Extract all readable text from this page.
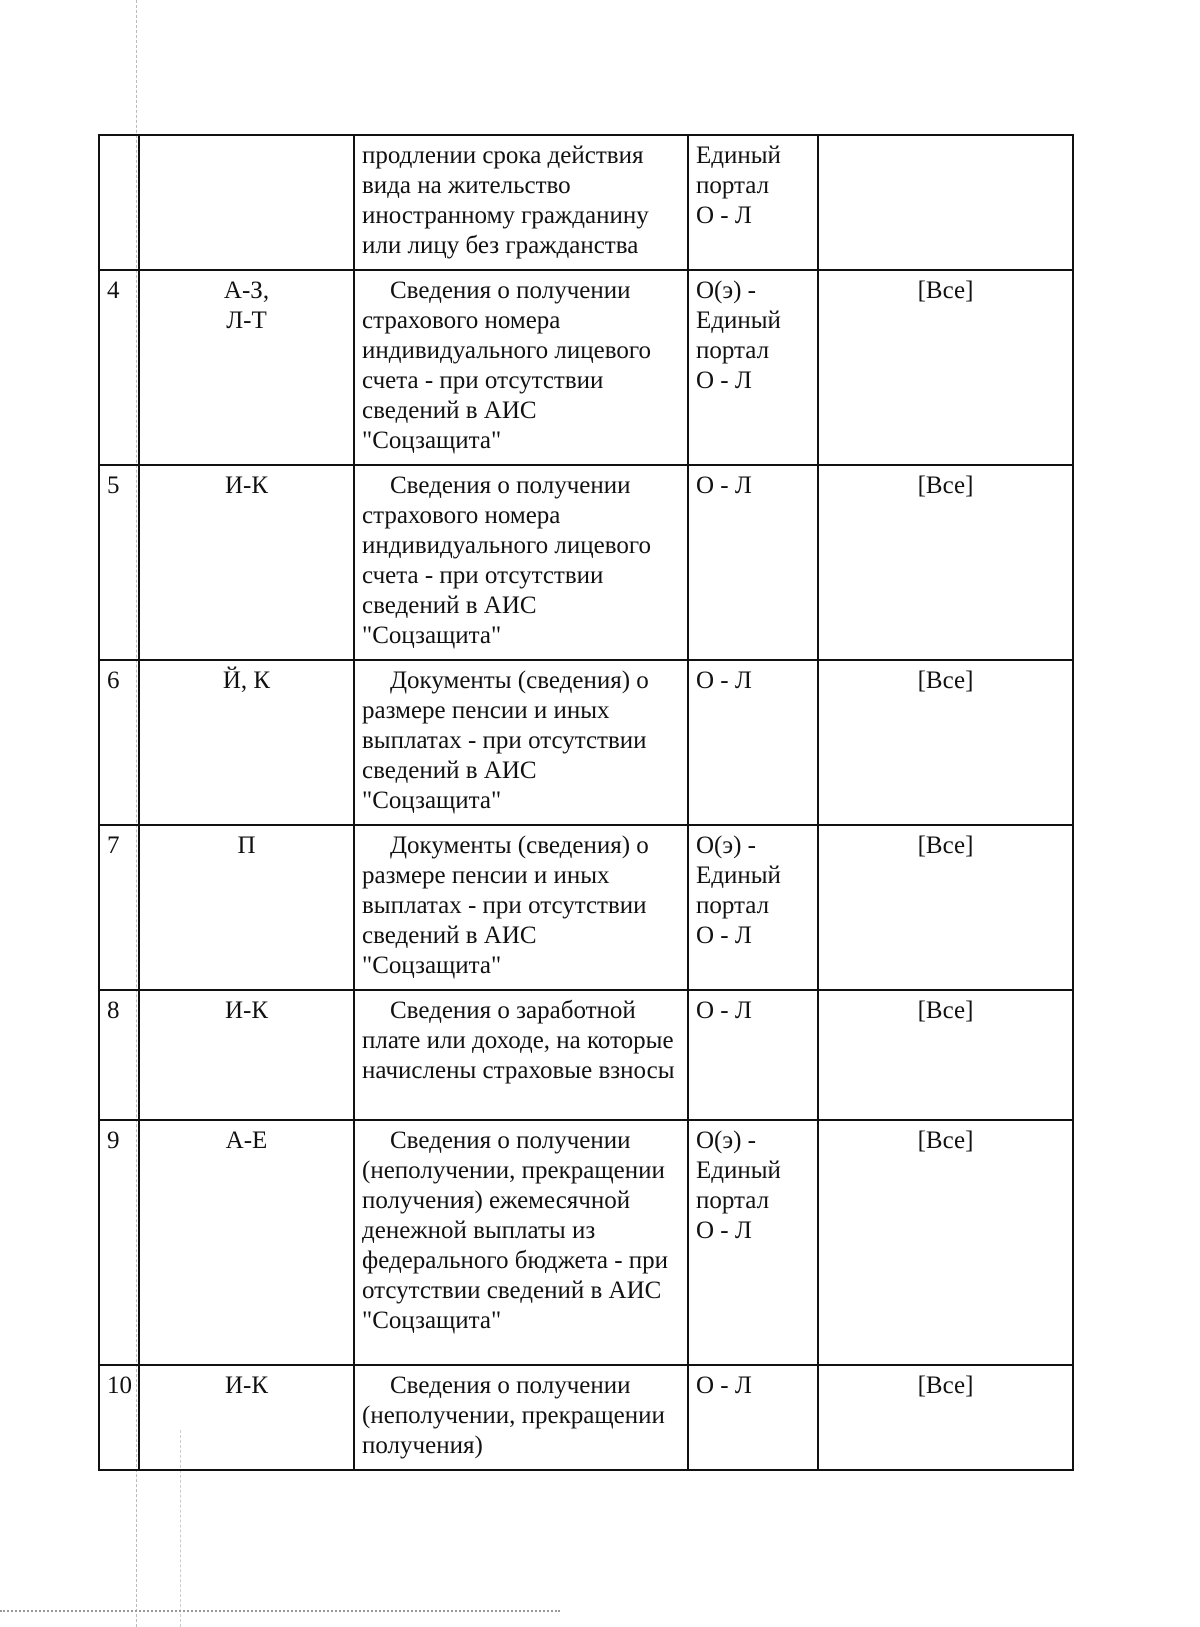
		продлении срока действия вида на жительство иностранному гражданину или лицу без гражданства	Единый
портал
О - Л	
4	А-З,
Л-Т	Сведения о получении страхового номера индивидуального лицевого счета - при отсутствии сведений в АИС "Соцзащита"	О(э) -
Единый
портал
О - Л	[Все]
5	И-К	Сведения о получении страхового номера индивидуального лицевого счета - при отсутствии сведений в АИС "Соцзащита"	О - Л	[Все]
6	Й, К	Документы (сведения) о размере пенсии и иных выплатах - при отсутствии сведений в АИС "Соцзащита"	О - Л	[Все]
7	П	Документы (сведения) о размере пенсии и иных выплатах - при отсутствии сведений в АИС "Соцзащита"	О(э) -
Единый
портал
О - Л	[Все]
8	И-К	Сведения о заработной плате или доходе, на которые начислены страховые взносы	О - Л	[Все]
9	А-Е	Сведения о получении (неполучении, прекращении получения) ежемесячной денежной выплаты из федерального бюджета - при отсутствии сведений в АИС "Соцзащита"	О(э) -
Единый
портал
О - Л	[Все]
10	И-К	Сведения о получении (неполучении, прекращении получения)	О - Л	[Все]
